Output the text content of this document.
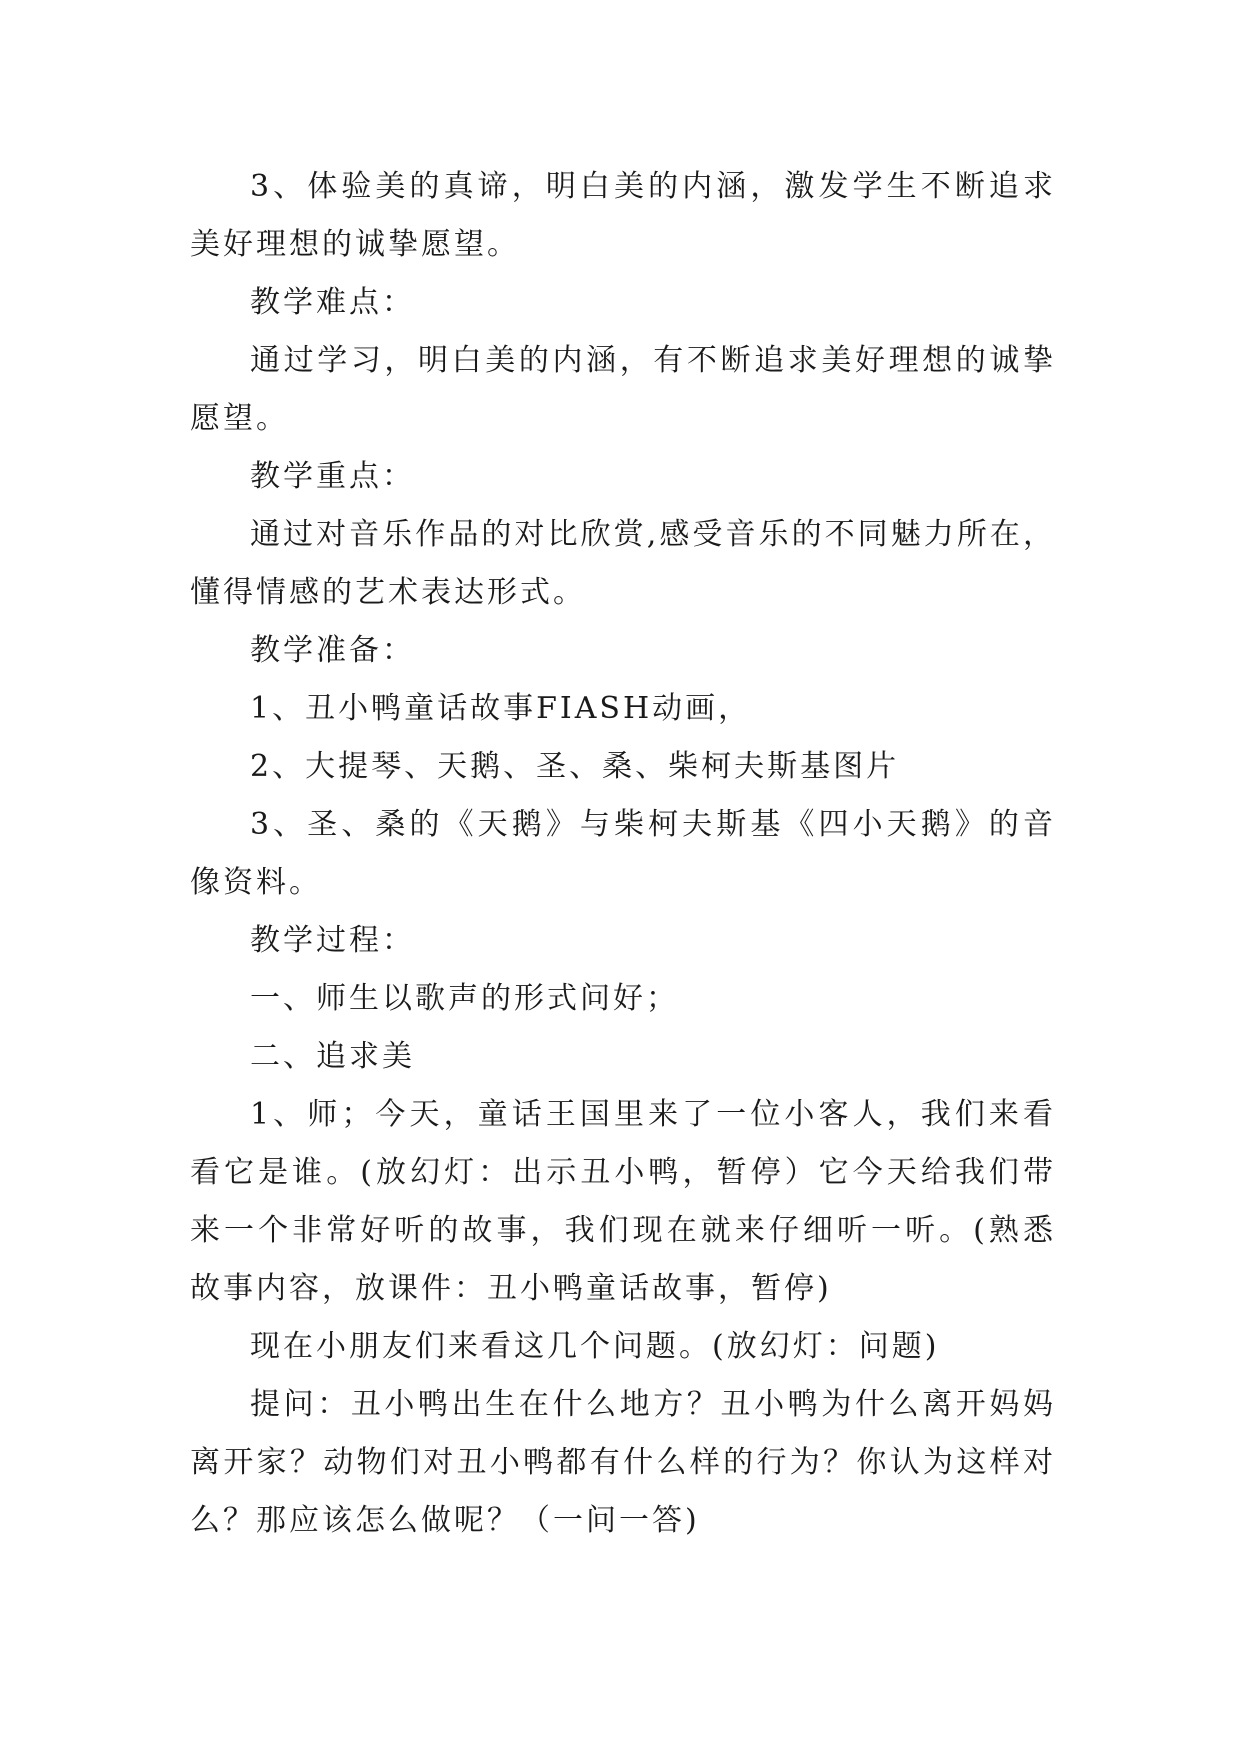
3、体验美的真谛，明白美的内涵，激发学生不断追求美好理想的诚挚愿望。

教学难点：

通过学习，明白美的内涵，有不断追求美好理想的诚挚愿望。

教学重点：

通过对音乐作品的对比欣赏,感受音乐的不同魅力所在，懂得情感的艺术表达形式。

教学准备：

1、丑小鸭童话故事FIASH动画，

2、大提琴、天鹅、圣、桑、柴柯夫斯基图片

3、圣、桑的《天鹅》与柴柯夫斯基《四小天鹅》的音像资料。

教学过程：

一、师生以歌声的形式问好；

二、追求美

1、师；今天，童话王国里来了一位小客人，我们来看看它是谁。(放幻灯：出示丑小鸭，暂停）它今天给我们带来一个非常好听的故事，我们现在就来仔细听一听。(熟悉故事内容，放课件：丑小鸭童话故事，暂停)

现在小朋友们来看这几个问题。(放幻灯：问题)

提问：丑小鸭出生在什么地方？丑小鸭为什么离开妈妈离开家？动物们对丑小鸭都有什么样的行为？你认为这样对么？那应该怎么做呢？（一问一答)
